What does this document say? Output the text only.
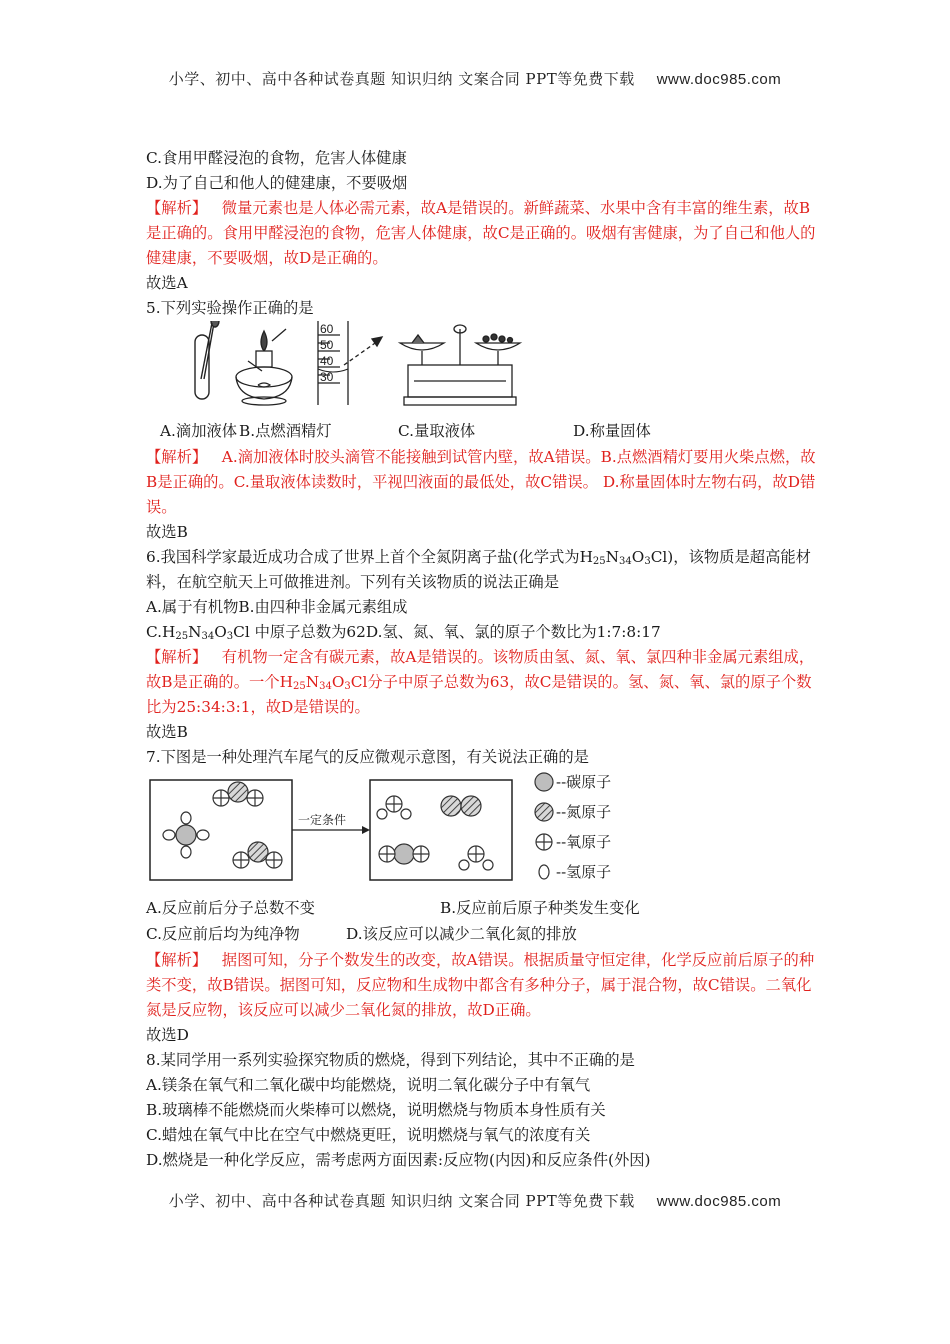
小学、初中、高中各种试卷真题 知识归纳 文案合同 PPT等免费下载 www.doc985.com
C.食用甲醛浸泡的食物，危害人体健康
D.为了自己和他人的健建康，不要吸烟
【解析】 微量元素也是人体必需元素，故A是错误的。新鲜蔬菜、水果中含有丰富的维生素，故B是正确的。食用甲醛浸泡的食物，危害人体健康，故C是正确的。吸烟有害健康，为了自己和他人的健建康，不要吸烟，故D是正确的。
故选A
5.下列实验操作正确的是
60
50
40
30
A.滴加液体 B.点燃酒精灯	C.量取液体	D.称量固体
【解析】 A.滴加液体时胶头滴管不能接触到试管内壁，故A错误。B.点燃酒精灯要用火柴点燃，故B是正确的。C.量取液体读数时，平视凹液面的最低处，故C错误。 D.称量固体时左物右码，故D错误。
故选B
6.我国科学家最近成功合成了世界上首个全氮阴离子盐(化学式为$H_{25}N_{34}O_3Cl$)，该物质是超高能材料，在航空航天上可做推进剂。下列有关该物质的说法正确是
A.属于有机物B.由四种非金属元素组成
$C.H_{25}N_{34}O_3Cl$ 中原子总数为62D.氢、氮、氧、氯的原子个数比为1:7:8:17
【解析】 有机物一定含有碳元素，故A是错误的。该物质由氢、氮、氧、氯四种非金属元素组成，故B是正确的。一个$H_{25}N_{34}O_3Cl$分子中原子总数为63，故C是错误的。氢、氮、氧、氯的原子个数比为25:34:3:1，故D是错误的。
故选B
7.下图是一种处理汽车尾气的反应微观示意图，有关说法正确的是
--碳原子
--氮原子
--氧原子
--氢原子
一定条件
A.反应前后分子总数不变	B.反应前后原子种类发生变化
C.反应前后均为纯净物	D.该反应可以减少二氧化氮的排放
【解析】 据图可知，分子个数发生的改变，故A错误。根据质量守恒定律，化学反应前后原子的种类不变，故B错误。据图可知，反应物和生成物中都含有多种分子，属于混合物，故C错误。二氧化氮是反应物，该反应可以减少二氧化氮的排放，故D正确。
故选D
8.某同学用一系列实验探究物质的燃烧，得到下列结论，其中不正确的是
A.镁条在氧气和二氧化碳中均能燃烧，说明二氧化碳分子中有氧气
B.玻璃棒不能燃烧而火柴棒可以燃烧，说明燃烧与物质本身性质有关
C.蜡烛在氧气中比在空气中燃烧更旺，说明燃烧与氧气的浓度有关
D.燃烧是一种化学反应，需考虑两方面因素:反应物(内因)和反应条件(外因)
小学、初中、高中各种试卷真题 知识归纳 文案合同 PPT等免费下载 www.doc985.com
